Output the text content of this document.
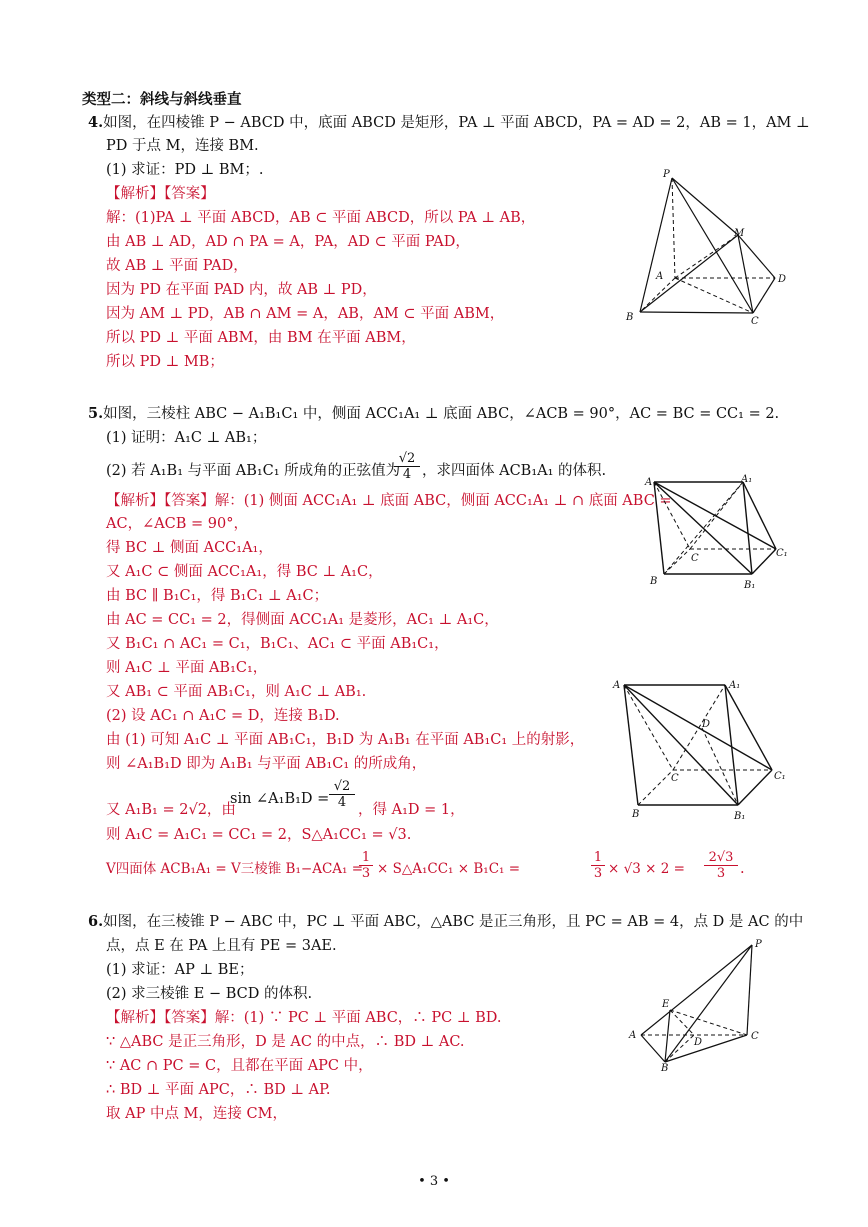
类型二：斜线与斜线垂直
4.如图，在四棱锥 P − ABCD 中，底面 ABCD 是矩形，PA ⊥ 平面 ABCD，PA = AD = 2，AB = 1，AM ⊥
PD 于点 M，连接 BM.
(1) 求证：PD ⊥ BM；.
【解析】【答案】
解：(1)PA ⊥ 平面 ABCD，AB ⊂ 平面 ABCD，所以 PA ⊥ AB，
由 AB ⊥ AD，AD ∩ PA = A，PA，AD ⊂ 平面 PAD，
故 AB ⊥ 平面 PAD，
因为 PD 在平面 PAD 内，故 AB ⊥ PD，
因为 AM ⊥ PD，AB ∩ AM = A，AB，AM ⊂ 平面 ABM，
所以 PD ⊥ 平面 ABM，由 BM 在平面 ABM，
所以 PD ⊥ MB；
P
M
A	D
B	C
5.如图，三棱柱 ABC − A₁B₁C₁ 中，侧面 ACC₁A₁ ⊥ 底面 ABC，∠ACB = 90°，AC = BC = CC₁ = 2.
(1) 证明：A₁C ⊥ AB₁；
(2) 若 A₁B₁ 与平面 AB₁C₁ 所成角的正弦值为
$\frac{√2}{4}$ ，求四面体 ACB₁A₁ 的体积.
【解析】【答案】解：(1) 侧面 ACC₁A₁ ⊥ 底面 ABC，侧面 ACC₁A₁ ⊥ ∩ 底面 ABC =
AC，∠ACB = 90°，
得 BC ⊥ 侧面 ACC₁A₁，
又 A₁C ⊂ 侧面 ACC₁A₁，得 BC ⊥ A₁C，
由 BC ∥ B₁C₁，得 B₁C₁ ⊥ A₁C；
由 AC = CC₁ = 2，得侧面 ACC₁A₁ 是菱形，AC₁ ⊥ A₁C，
又 B₁C₁ ∩ AC₁ = C₁，B₁C₁、AC₁ ⊂ 平面 AB₁C₁，
则 A₁C ⊥ 平面 AB₁C₁，
又 AB₁ ⊂ 平面 AB₁C₁，则 A₁C ⊥ AB₁.
(2) 设 AC₁ ∩ A₁C = D，连接 B₁D.
由 (1) 可知 A₁C ⊥ 平面 AB₁C₁，B₁D 为 A₁B₁ 在平面 AB₁C₁ 上的射影，
则 ∠A₁B₁D 即为 A₁B₁ 与平面 AB₁C₁ 的所成角，
又 A₁B₁ = 2√2，由
sin ∠A₁B₁D = $\frac{√2}{4}$ ，得 A₁D = 1，
则 A₁C = A₁C₁ = CC₁ = 2，S△A₁CC₁ = √3.
V四面体 ACB₁A₁ = V三棱锥 B₁−ACA₁ =
$\frac{1}{3}$ × S△A₁CC₁ × B₁C₁ =	$\frac{1}{3} \times √3 \times 2 = \frac{2√3}{3}$ .
A	A₁
C	C₁
B	B₁
A	A₁
D
C	C₁
B	B₁
6.如图，在三棱锥 P − ABC 中，PC ⊥ 平面 ABC，△ABC 是正三角形，且 PC = AB = 4，点 D 是 AC 的中
点，点 E 在 PA 上且有 PE = 3AE.
(1) 求证：AP ⊥ BE；
(2) 求三棱锥 E − BCD 的体积.
【解析】【答案】解：(1) ∵ PC ⊥ 平面 ABC，∴ PC ⊥ BD.
∵ △ABC 是正三角形，D 是 AC 的中点，∴ BD ⊥ AC.
∵ AC ∩ PC = C，且都在平面 APC 中，
∴ BD ⊥ 平面 APC，∴ BD ⊥ AP.
取 AP 中点 M，连接 CM，
P
E
A
D
C
B
• 3 •
